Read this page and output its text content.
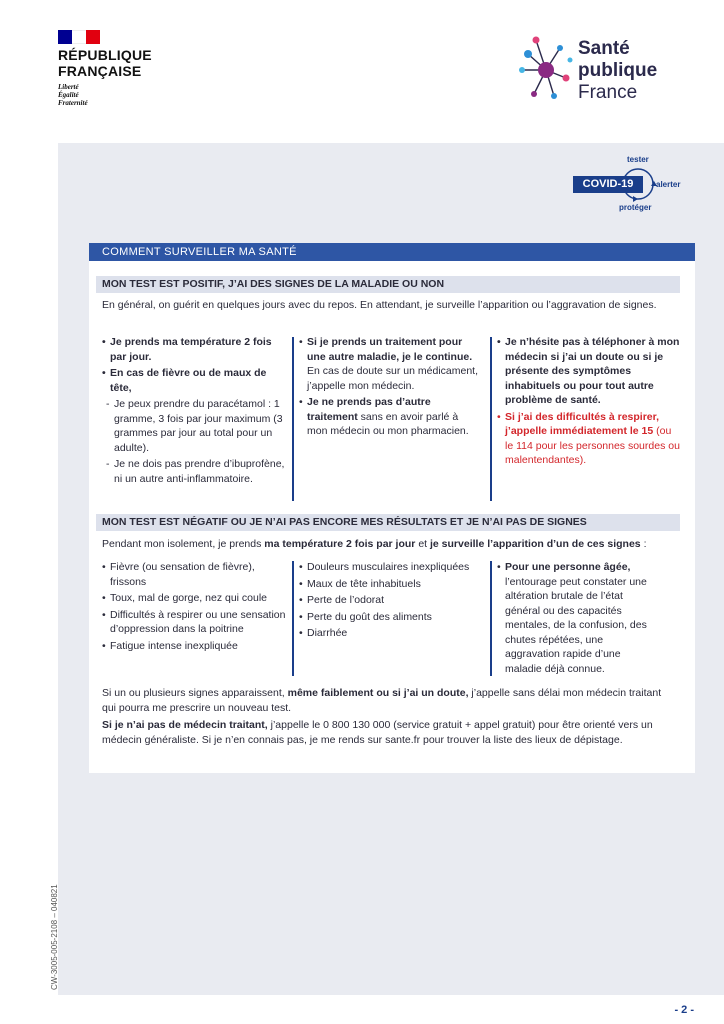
RÉPUBLIQUE
FRANÇAISE
Liberté
Égalité
Fraternité
Santé
publique
France
COVID-19
tester
alerter
protéger
COMMENT SURVEILLER MA SANTÉ
MON TEST EST POSITIF, J’AI DES SIGNES DE LA MALADIE OU NON
En général, on guérit en quelques jours avec du repos. En attendant, je surveille l’apparition ou l’aggravation de signes.

• Je prends ma température 2 fois par jour.

• En cas de fièvre ou de maux de tête,

- Je peux prendre du paracétamol : 1 gramme, 3 fois par jour maximum (3 grammes par jour au total pour un adulte).

- Je ne dois pas prendre d’ibuprofène, ni un autre anti-inflammatoire.

• Si je prends un traitement pour une autre maladie, je le continue. En cas de doute sur un médicament, j’appelle mon médecin.

• Je ne prends pas d’autre traitement sans en avoir parlé à mon médecin ou mon pharmacien.

• Je n’hésite pas à téléphoner à mon médecin si j’ai un doute ou si je présente des symptômes inhabituels ou pour tout autre problème de santé.

• Si j’ai des difficultés à respirer, j’appelle immédiatement le 15 (ou le 114 pour les personnes sourdes ou malentendantes).

MON TEST EST NÉGATIF OU JE N’AI PAS ENCORE MES RÉSULTATS ET JE N’AI PAS DE SIGNES
Pendant mon isolement, je prends ma température 2 fois par jour et je surveille l’apparition d’un de ces signes :

• Fièvre (ou sensation de fièvre), frissons

• Toux, mal de gorge, nez qui coule

• Difficultés à respirer ou une sensation d’oppression dans la poitrine

• Fatigue intense inexpliquée

• Douleurs musculaires inexpliquées

• Maux de tête inhabituels

• Perte de l’odorat

• Perte du goût des aliments

• Diarrhée

• Pour une personne âgée, l’entourage peut constater une altération brutale de l’état général ou des capacités mentales, de la confusion, des chutes répétées, une aggravation rapide d’une maladie déjà connue.

Si un ou plusieurs signes apparaissent, même faiblement ou si j’ai un doute, j’appelle sans délai mon médecin traitant qui pourra me prescrire un nouveau test.
Si je n’ai pas de médecin traitant, j’appelle le 0 800 130 000 (service gratuit + appel gratuit) pour être orienté vers un médecin généraliste. Si je n’en connais pas, je me rends sur sante.fr pour trouver la liste des lieux de dépistage.
CW-3005-005-2108 – 040821
- 2 -
